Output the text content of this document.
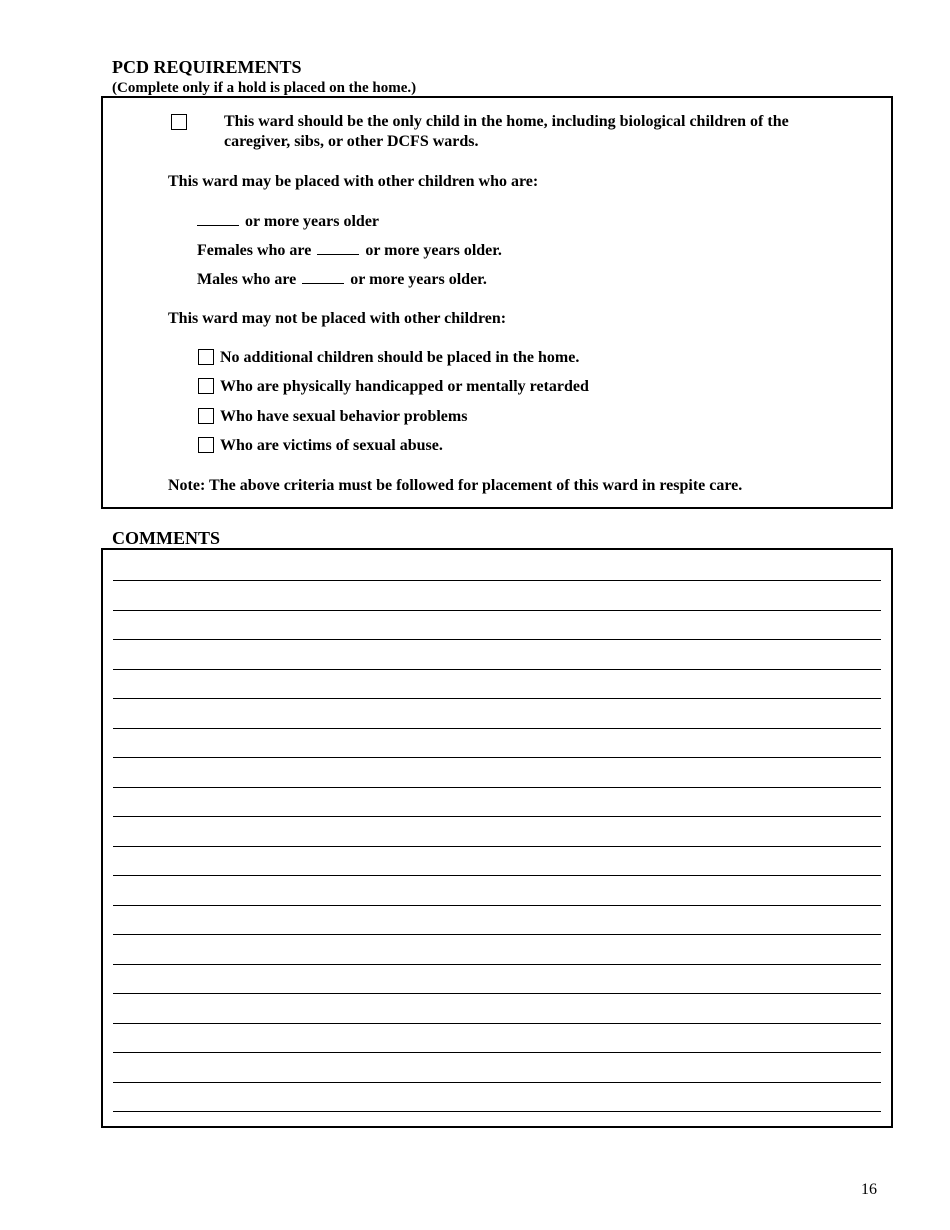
PCD REQUIREMENTS
(Complete only if a hold is placed on the home.)
This ward should be the only child in the home, including biological children of the
caregiver, sibs, or other DCFS wards.
This ward may be placed with other children who are:
or more years older
Females who are	or more years older.
Males who are	or more years older.
This ward may not be placed with other children:
No additional children should be placed in the home.
Who are physically handicapped or mentally retarded
Who have sexual behavior problems
Who are victims of sexual abuse.
Note: The above criteria must be followed for placement of this ward in respite care.
COMMENTS
16
